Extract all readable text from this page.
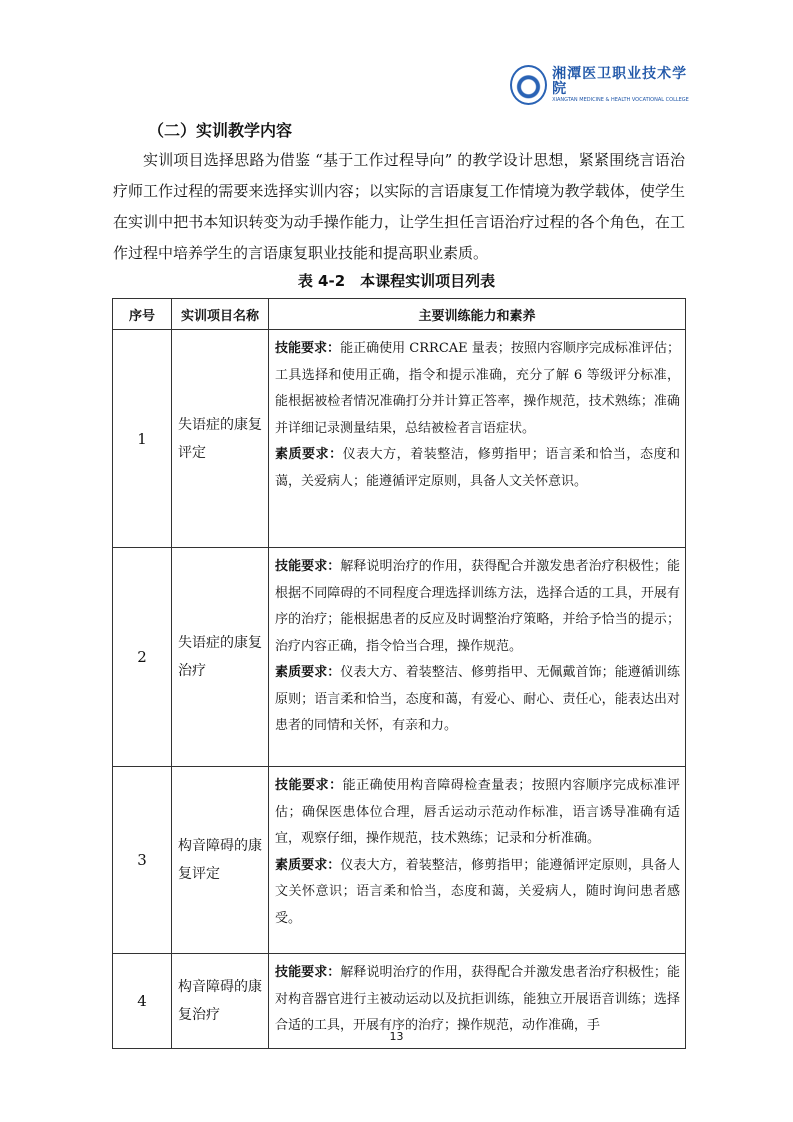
湘潭医卫职业技术学院
XIANGTAN MEDICINE & HEALTH VOCATIONAL COLLEGE
（二）实训教学内容

实训项目选择思路为借鉴 “基于工作过程导向” 的教学设计思想，紧紧围绕言语治疗师工作过程的需要来选择实训内容；以实际的言语康复工作情境为教学载体，使学生在实训中把书本知识转变为动手操作能力，让学生担任言语治疗过程的各个角色，在工作过程中培养学生的言语康复职业技能和提高职业素质。

表 4-2　本课程实训项目列表

序号	实训项目名称	主要训练能力和素养
1	失语症的康复评定	技能要求：能正确使用 CRRCAE 量表；按照内容顺序完成标准评估；工具选择和使用正确，指令和提示准确，充分了解 6 等级评分标准，能根据被检者情况准确打分并计算正答率，操作规范，技术熟练；准确并详细记录测量结果，总结被检者言语症状。

素质要求：仪表大方，着装整洁，修剪指甲；语言柔和恰当，态度和蔼，关爱病人；能遵循评定原则，具备人文关怀意识。

2	失语症的康复治疗	技能要求：解释说明治疗的作用，获得配合并激发患者治疗积极性；能根据不同障碍的不同程度合理选择训练方法，选择合适的工具，开展有序的治疗；能根据患者的反应及时调整治疗策略，并给予恰当的提示；治疗内容正确，指令恰当合理，操作规范。

素质要求：仪表大方、着装整洁、修剪指甲、无佩戴首饰；能遵循训练原则；语言柔和恰当，态度和蔼，有爱心、耐心、责任心，能表达出对患者的同情和关怀，有亲和力。

3	构音障碍的康复评定	技能要求：能正确使用构音障碍检查量表；按照内容顺序完成标准评估；确保医患体位合理，唇舌运动示范动作标准，语言诱导准确有适宜，观察仔细，操作规范，技术熟练；记录和分析准确。

素质要求：仪表大方，着装整洁，修剪指甲；能遵循评定原则，具备人文关怀意识；语言柔和恰当，态度和蔼，关爱病人，随时询问患者感受。

4	构音障碍的康复治疗	技能要求：解释说明治疗的作用，获得配合并激发患者治疗积极性；能对构音器官进行主被动运动以及抗拒训练，能独立开展语音训练；选择合适的工具，开展有序的治疗；操作规范，动作准确，手

13
